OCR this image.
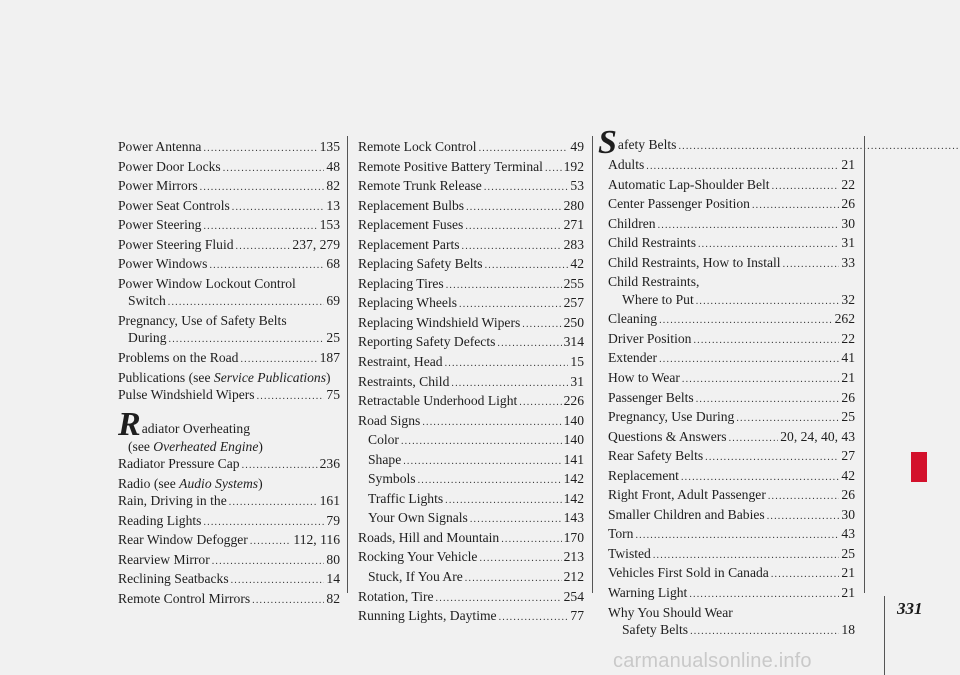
Power Antenna .....	135
Power Door Locks .....	48
Power Mirrors .....	82
Power Seat Controls .....	13
Power Steering .....	153
Power Steering Fluid .....	237, 279
Power Windows .....	68
Power Window Lockout Control
Switch .....	69
Pregnancy, Use of Safety Belts
During .....	25
Problems on the Road .....	187
Publications (see Service Publications)
Pulse Windshield Wipers .....	75
R adiator Overheating
(see Overheated Engine)
Radiator Pressure Cap .....	236
Radio (see Audio Systems)
Rain, Driving in the .....	161
Reading Lights .....	79
Rear Window Defogger .....	112, 116
Rearview Mirror .....	80
Reclining Seatbacks .....	14
Remote Control Mirrors .....	82
Remote Lock Control .....	49
Remote Positive Battery Terminal ..... 192
Remote Trunk Release .....	53
Replacement Bulbs .....	280
Replacement Fuses .....	271
Replacement Parts .....	283
Replacing Safety Belts .....	42
Replacing Tires .....	255
Replacing Wheels .....	257
Replacing Windshield Wipers .....	250
Reporting Safety Defects .....	314
Restraint, Head .....	15
Restraints, Child .....	31
Retractable Underhood Light .....	226
Road Signs .....	140
Color .....	140
Shape .....	141
Symbols .....	142
Traffic Lights .....	142
Your Own Signals .....	143
Roads, Hill and Mountain .....	170
Rocking Your Vehicle .....	213
Stuck, If You Are .....	212
Rotation, Tire .....	254
Running Lights, Daytime .....	77
S afety Belts
.....
Adults .....	21
Automatic Lap-Shoulder Belt .....	22
Center Passenger Position .....	26
Children .....	30
Child Restraints .....	31
Child Restraints, How to Install .....	33
Child Restraints,
Where to Put .....	32
Cleaning .....	262
Driver Position .....	22
Extender .....	41
How to Wear .....	21
Passenger Belts .....	26
Pregnancy, Use During .....	25
Questions & Answers .....	20, 24, 40, 43
Rear Safety Belts .....	27
Replacement .....	42
Right Front, Adult Passenger .....	26
Smaller Children and Babies .....	30
Torn .....	43
Twisted .....	25
Vehicles First Sold in Canada .....	21
Warning Light .....	21
Why You Should Wear
Safety Belts .....	18
331
carmanualsonline.info
